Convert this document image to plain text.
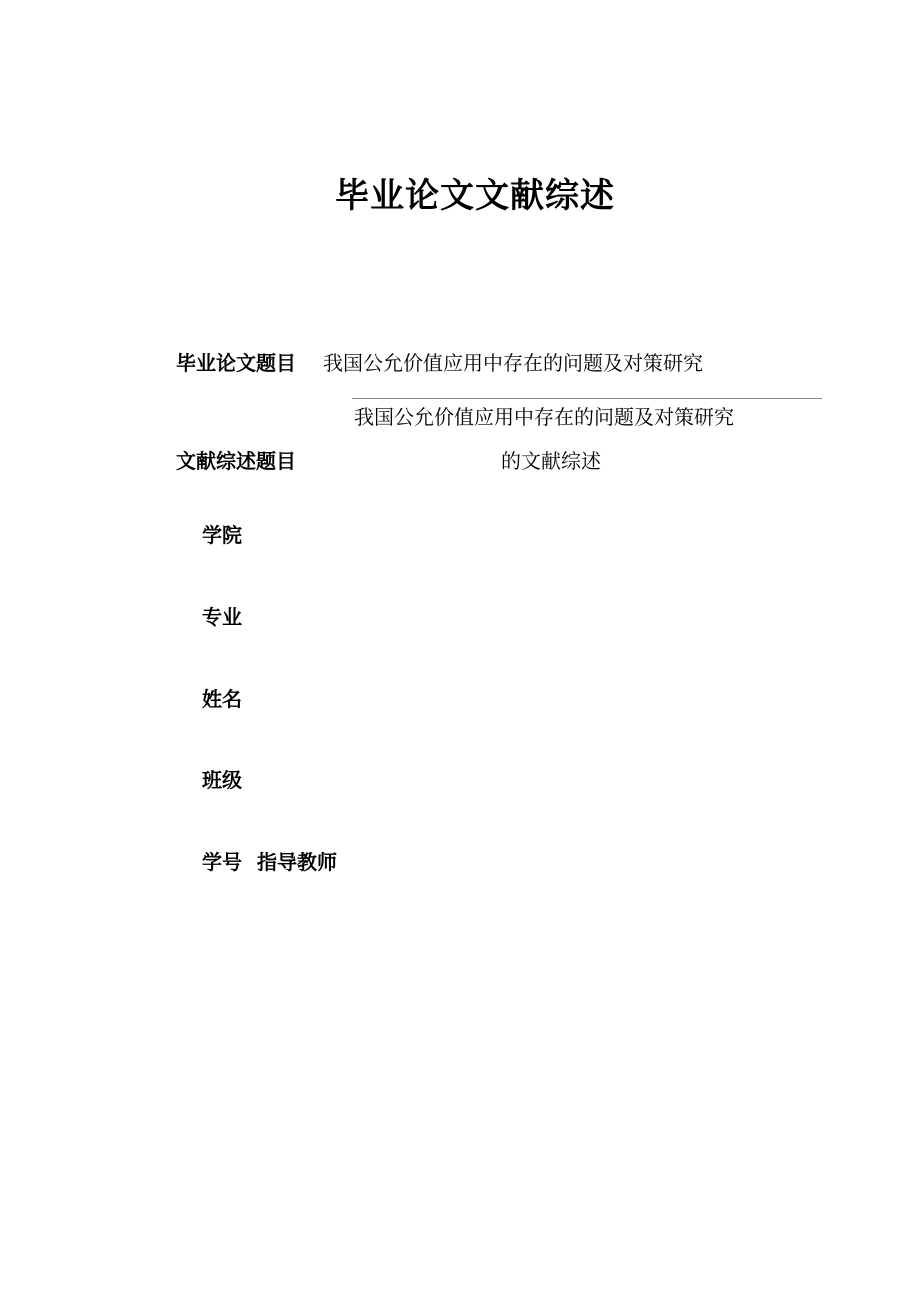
毕业论文文献综述
毕业论文题目 我国公允价值应用中存在的问题及对策研究
我国公允价值应用中存在的问题及对策研究
文献综述题目	的文献综述
学院
专业
姓名
班级
学号 指导教师
